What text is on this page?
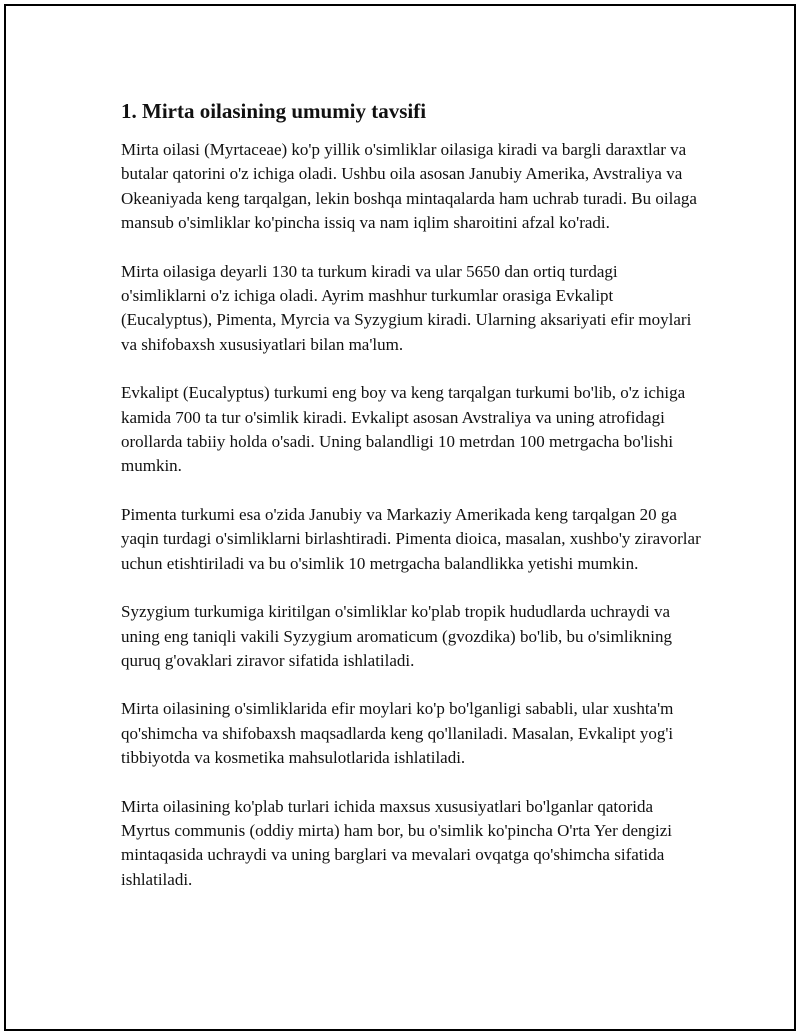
1. Mirta oilasining umumiy tavsifi

Mirta oilasi (Myrtaceae) ko'p yillik o'simliklar oilasiga kiradi va bargli daraxtlar va butalar qatorini o'z ichiga oladi. Ushbu oila asosan Janubiy Amerika, Avstraliya va Okeaniyada keng tarqalgan, lekin boshqa mintaqalarda ham uchrab turadi. Bu oilaga mansub o'simliklar ko'pincha issiq va nam iqlim sharoitini afzal ko'radi.

Mirta oilasiga deyarli 130 ta turkum kiradi va ular 5650 dan ortiq turdagi o'simliklarni o'z ichiga oladi. Ayrim mashhur turkumlar orasiga Evkalipt (Eucalyptus), Pimenta, Myrcia va Syzygium kiradi. Ularning aksariyati efir moylari va shifobaxsh xususiyatlari bilan ma'lum.

Evkalipt (Eucalyptus) turkumi eng boy va keng tarqalgan turkumi bo'lib, o'z ichiga kamida 700 ta tur o'simlik kiradi. Evkalipt asosan Avstraliya va uning atrofidagi orollarda tabiiy holda o'sadi. Uning balandligi 10 metrdan 100 metrgacha bo'lishi mumkin.

Pimenta turkumi esa o'zida Janubiy va Markaziy Amerikada keng tarqalgan 20 ga yaqin turdagi o'simliklarni birlashtiradi. Pimenta dioica, masalan, xushbo'y ziravorlar uchun etishtiriladi va bu o'simlik 10 metrgacha balandlikka yetishi mumkin.

Syzygium turkumiga kiritilgan o'simliklar ko'plab tropik hududlarda uchraydi va uning eng taniqli vakili Syzygium aromaticum (gvozdika) bo'lib, bu o'simlikning quruq g'ovaklari ziravor sifatida ishlatiladi.

Mirta oilasining o'simliklarida efir moylari ko'p bo'lganligi sababli, ular xushta'm qo'shimcha va shifobaxsh maqsadlarda keng qo'llaniladi. Masalan, Evkalipt yog'i tibbiyotda va kosmetika mahsulotlarida ishlatiladi.

Mirta oilasining ko'plab turlari ichida maxsus xususiyatlari bo'lganlar qatorida Myrtus communis (oddiy mirta) ham bor, bu o'simlik ko'pincha O'rta Yer dengizi mintaqasida uchraydi va uning barglari va mevalari ovqatga qo'shimcha sifatida ishlatiladi.
